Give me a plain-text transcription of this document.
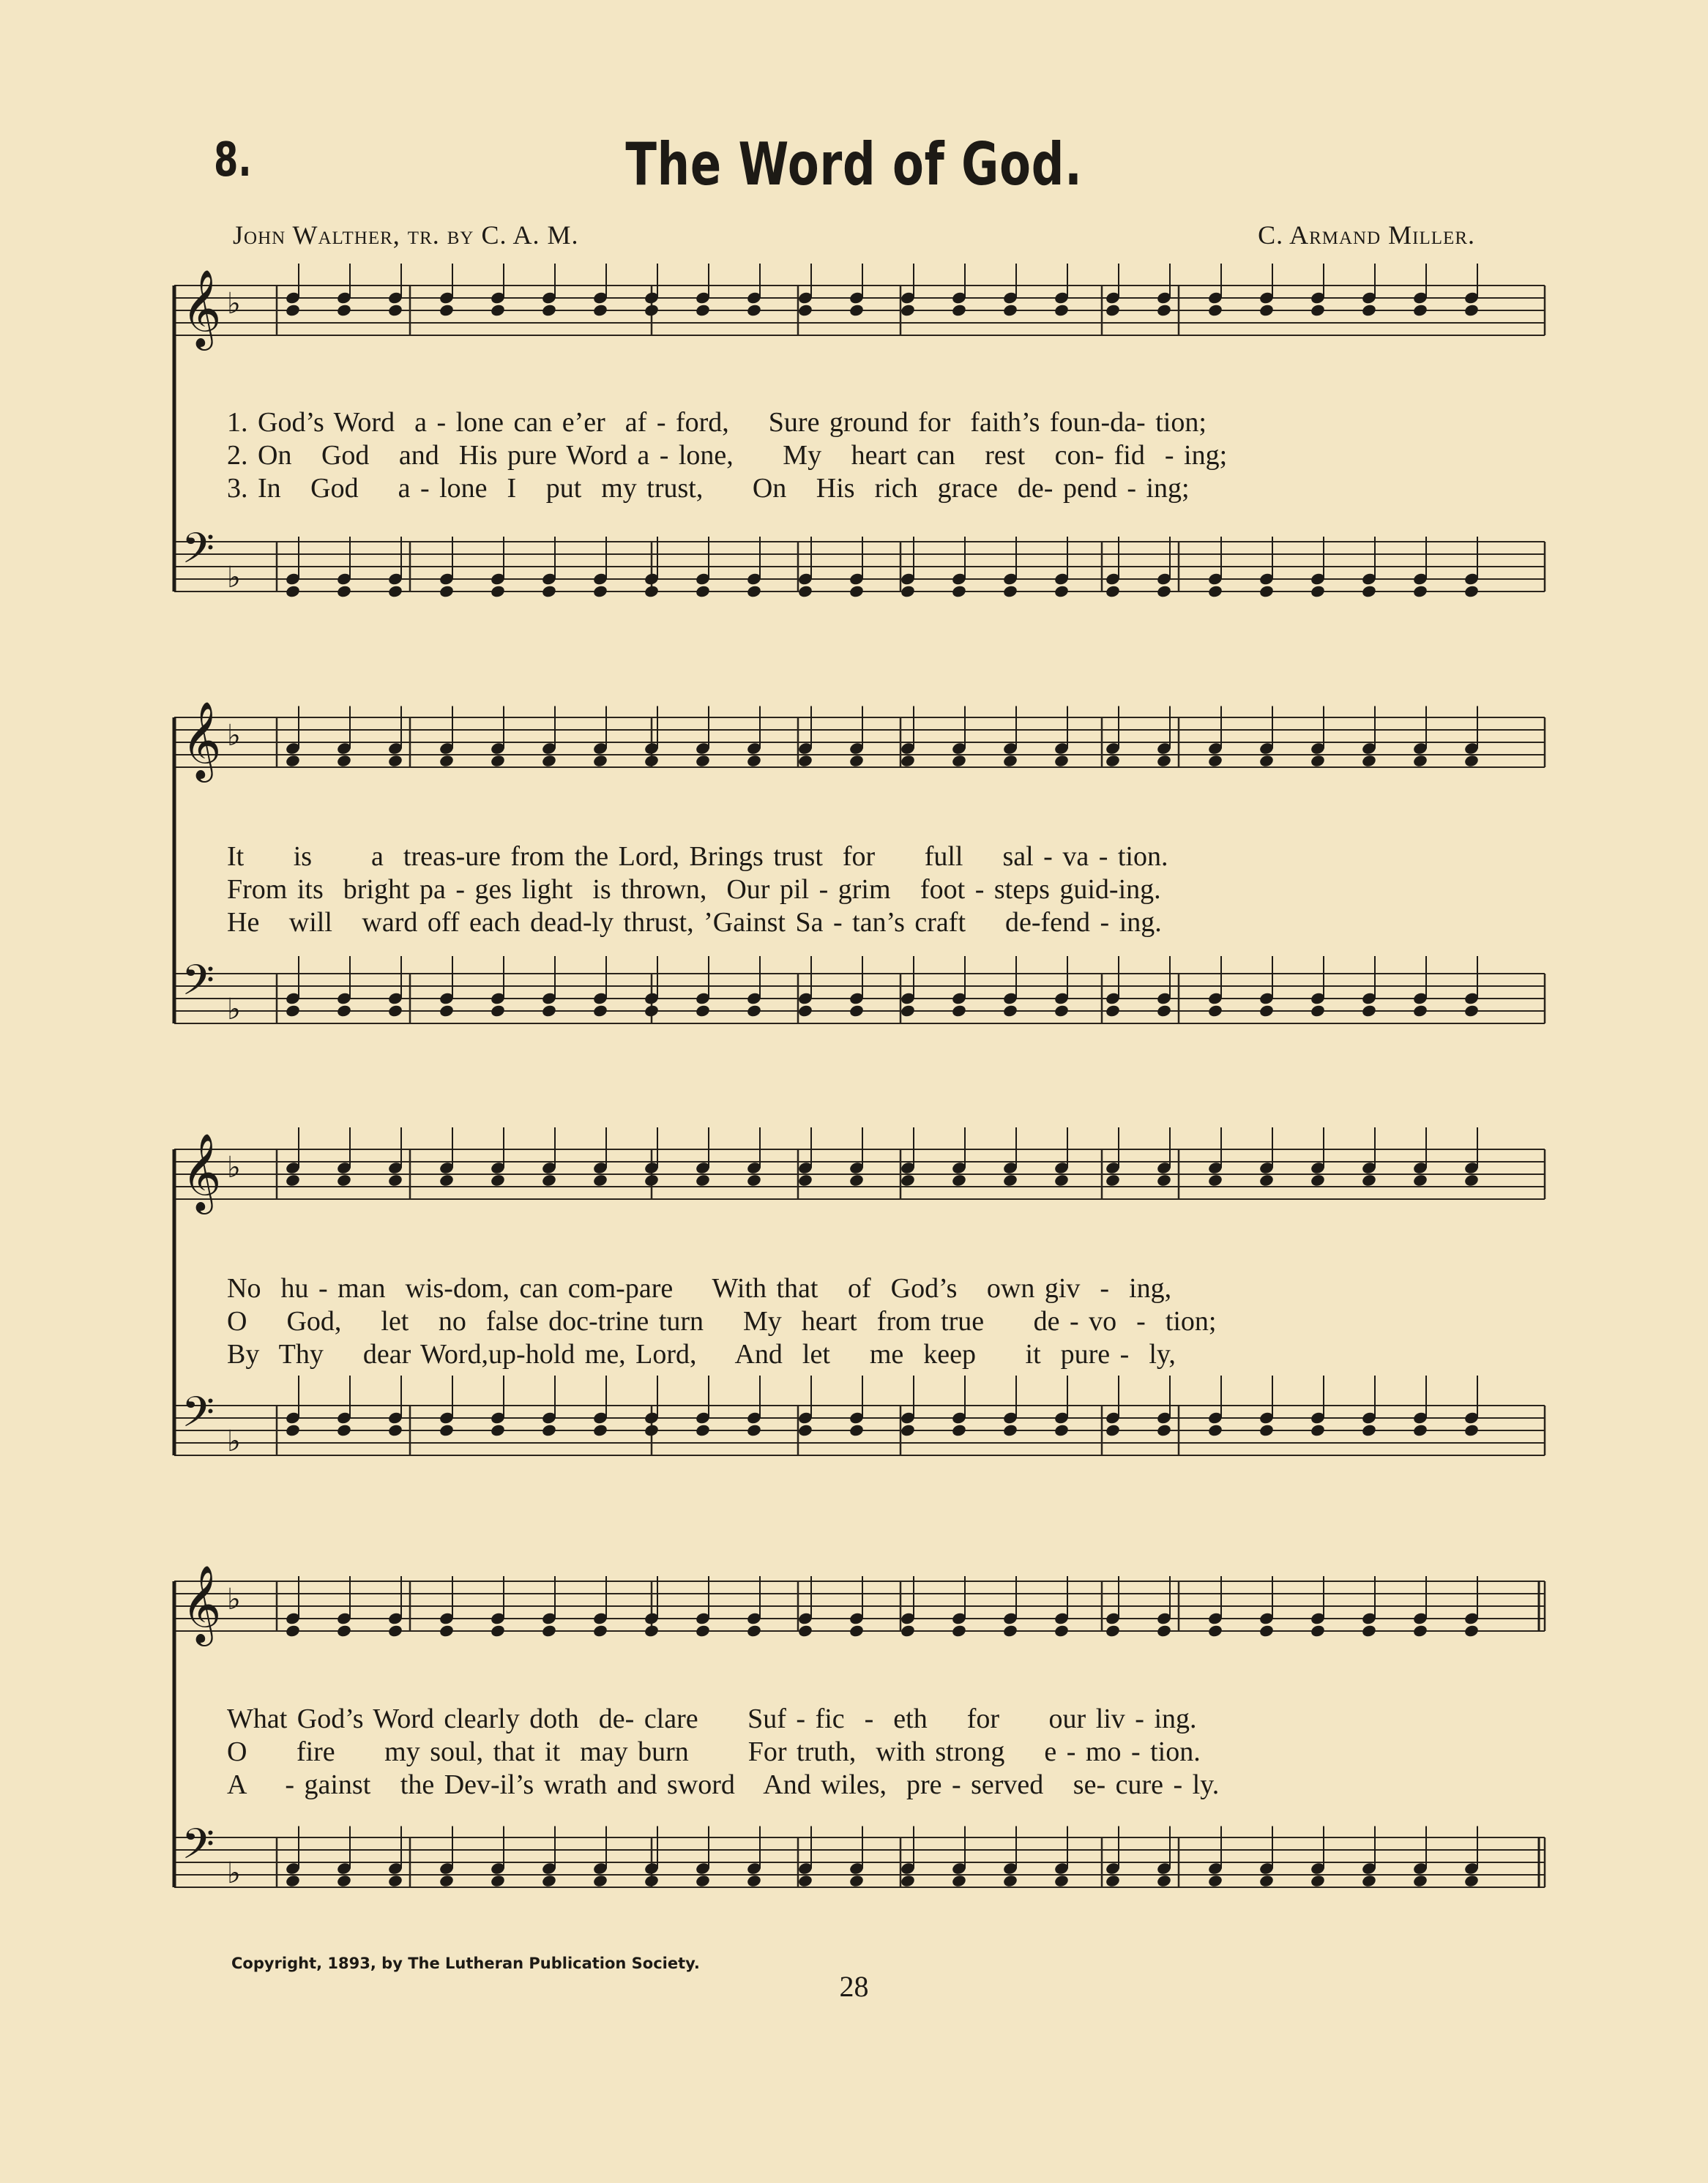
8.	The Word of God.
John Walther, tr. by C. A. M.	C. Armand Miller.
𝄞 ♭
𝄢 ♭
1. God’s Word  a - lone can e’er  af - ford,    Sure ground for  faith’s foun-da- tion;
2. On   God   and  His pure Word a - lone,     My   heart can   rest   con- fid  - ing;
3. In   God    a - lone  I   put  my trust,     On   His  rich  grace  de- pend - ing;
𝄞 ♭
𝄢 ♭
It     is      a  treas-ure from the Lord, Brings trust  for     full    sal - va - tion.
From its  bright pa - ges light  is thrown,  Our pil - grim   foot - steps guid-ing.
He   will   ward off each dead-ly thrust, ’Gainst Sa - tan’s craft    de-fend - ing.
𝄞 ♭
𝄢 ♭
No  hu - man  wis-dom, can com-pare    With that   of  God’s   own giv  -  ing,
O    God,    let   no  false doc-trine turn    My  heart  from true     de - vo  -  tion;
By  Thy    dear Word,up-hold me, Lord,    And  let    me  keep     it  pure -  ly,
𝄞 ♭
𝄢 ♭
What God’s Word clearly doth  de- clare     Suf - fic  -  eth    for     our liv - ing.
O     fire     my soul, that it  may burn      For truth,  with strong    e - mo - tion.
A    - gainst   the Dev-il’s wrath and sword   And wiles,  pre - served   se- cure - ly.
Copyright, 1893, by The Lutheran Publication Society.
28
